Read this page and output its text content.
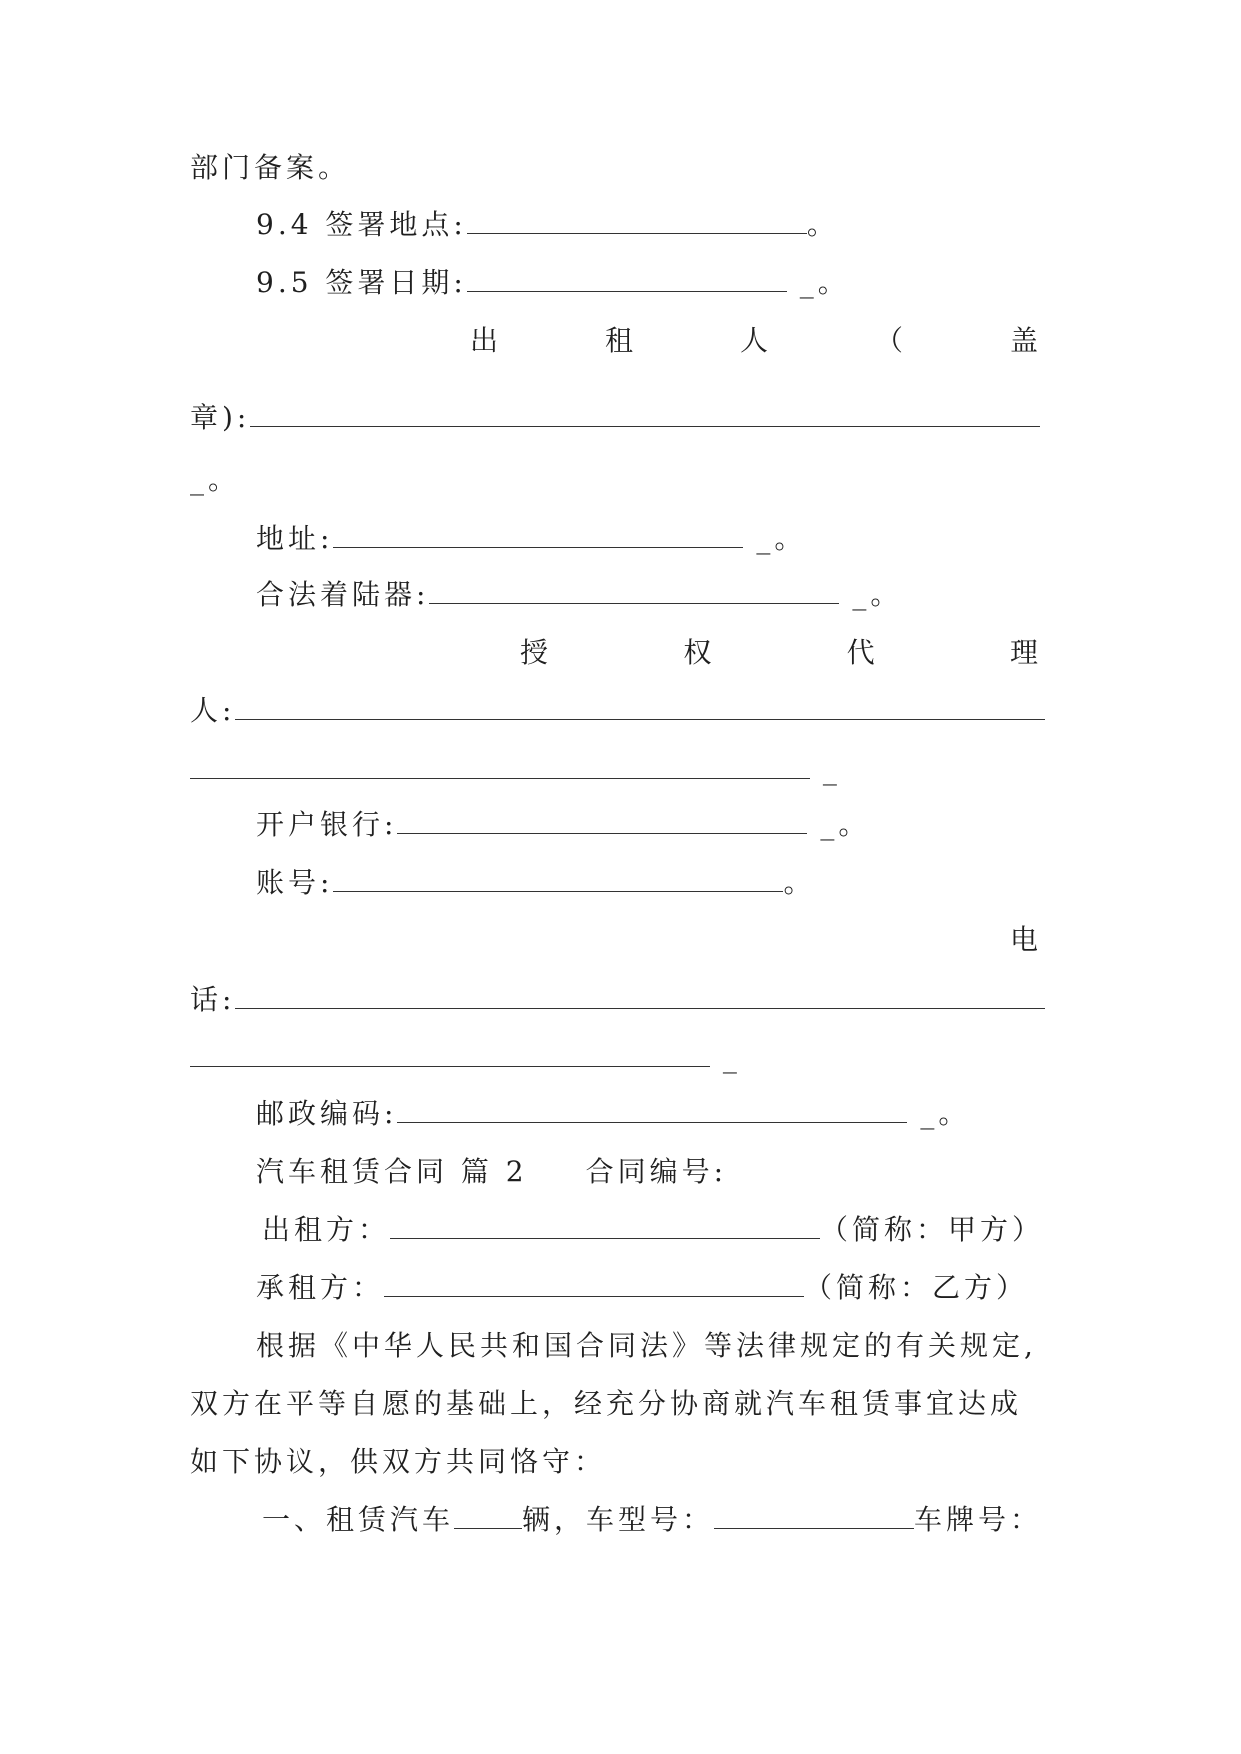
部门备案。
9.4 签署地点:	。
9.5 签署日期:	_。
出	租	人	（	盖
章):
_。
地址:	_。
合法着陆器:	_。
授	权	代	理
人:
_
开户银行:	_。
账号:	。
电
话:
_
邮政编码:	_。
汽车租赁合同 篇 2 合同编号:
出租方：	（简称：甲方）
承租方：	（简称：乙方）
根据《中华人民共和国合同法》等法律规定的有关规定,
双方在平等自愿的基础上，经充分协商就汽车租赁事宜达成
如下协议，供双方共同恪守：
一、租赁汽车 辆，车型号：	车牌号：
